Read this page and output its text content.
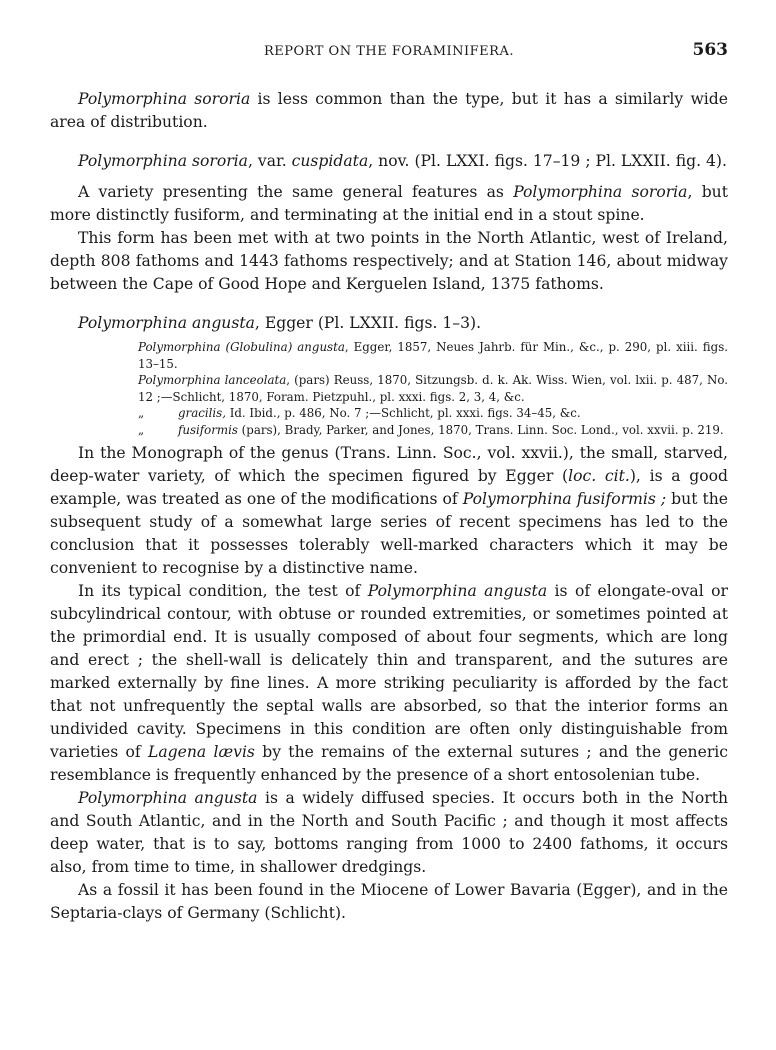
REPORT ON THE FORAMINIFERA.	563

Polymorphina sororia is less common than the type, but it has a similarly wide area of distribution.

Polymorphina sororia, var. cuspidata, nov. (Pl. LXXI. figs. 17–19 ; Pl. LXXII. fig. 4).

A variety presenting the same general features as Polymorphina sororia, but more distinctly fusiform, and terminating at the initial end in a stout spine.

This form has been met with at two points in the North Atlantic, west of Ireland, depth 808 fathoms and 1443 fathoms respectively; and at Station 146, about midway between the Cape of Good Hope and Kerguelen Island, 1375 fathoms.

Polymorphina angusta, Egger (Pl. LXXII. figs. 1–3).

Polymorphina (Globulina) angusta, Egger, 1857, Neues Jahrb. für Min., &c., p. 290, pl. xiii. figs. 13–15.

Polymorphina lanceolata, (pars) Reuss, 1870, Sitzungsb. d. k. Ak. Wiss. Wien, vol. lxii. p. 487, No. 12 ;—Schlicht, 1870, Foram. Pietzpuhl., pl. xxxi. figs. 2, 3, 4, &c.

„	gracilis, Id. Ibid., p. 486, No. 7 ;—Schlicht, pl. xxxi. figs. 34–45, &c.

„	fusiformis (pars), Brady, Parker, and Jones, 1870, Trans. Linn. Soc. Lond., vol. xxvii. p. 219.

In the Monograph of the genus (Trans. Linn. Soc., vol. xxvii.), the small, starved, deep-water variety, of which the specimen figured by Egger (loc. cit.), is a good example, was treated as one of the modifications of Polymorphina fusiformis ; but the subsequent study of a somewhat large series of recent specimens has led to the conclusion that it possesses tolerably well-marked characters which it may be convenient to recognise by a distinctive name.

In its typical condition, the test of Polymorphina angusta is of elongate-oval or subcylindrical contour, with obtuse or rounded extremities, or sometimes pointed at the primordial end. It is usually composed of about four segments, which are long and erect ; the shell-wall is delicately thin and transparent, and the sutures are marked externally by fine lines. A more striking peculiarity is afforded by the fact that not unfrequently the septal walls are absorbed, so that the interior forms an undivided cavity. Specimens in this condition are often only distinguishable from varieties of Lagena lævis by the remains of the external sutures ; and the generic resemblance is frequently enhanced by the presence of a short entosolenian tube.

Polymorphina angusta is a widely diffused species. It occurs both in the North and South Atlantic, and in the North and South Pacific ; and though it most affects deep water, that is to say, bottoms ranging from 1000 to 2400 fathoms, it occurs also, from time to time, in shallower dredgings.

As a fossil it has been found in the Miocene of Lower Bavaria (Egger), and in the Septaria-clays of Germany (Schlicht).
